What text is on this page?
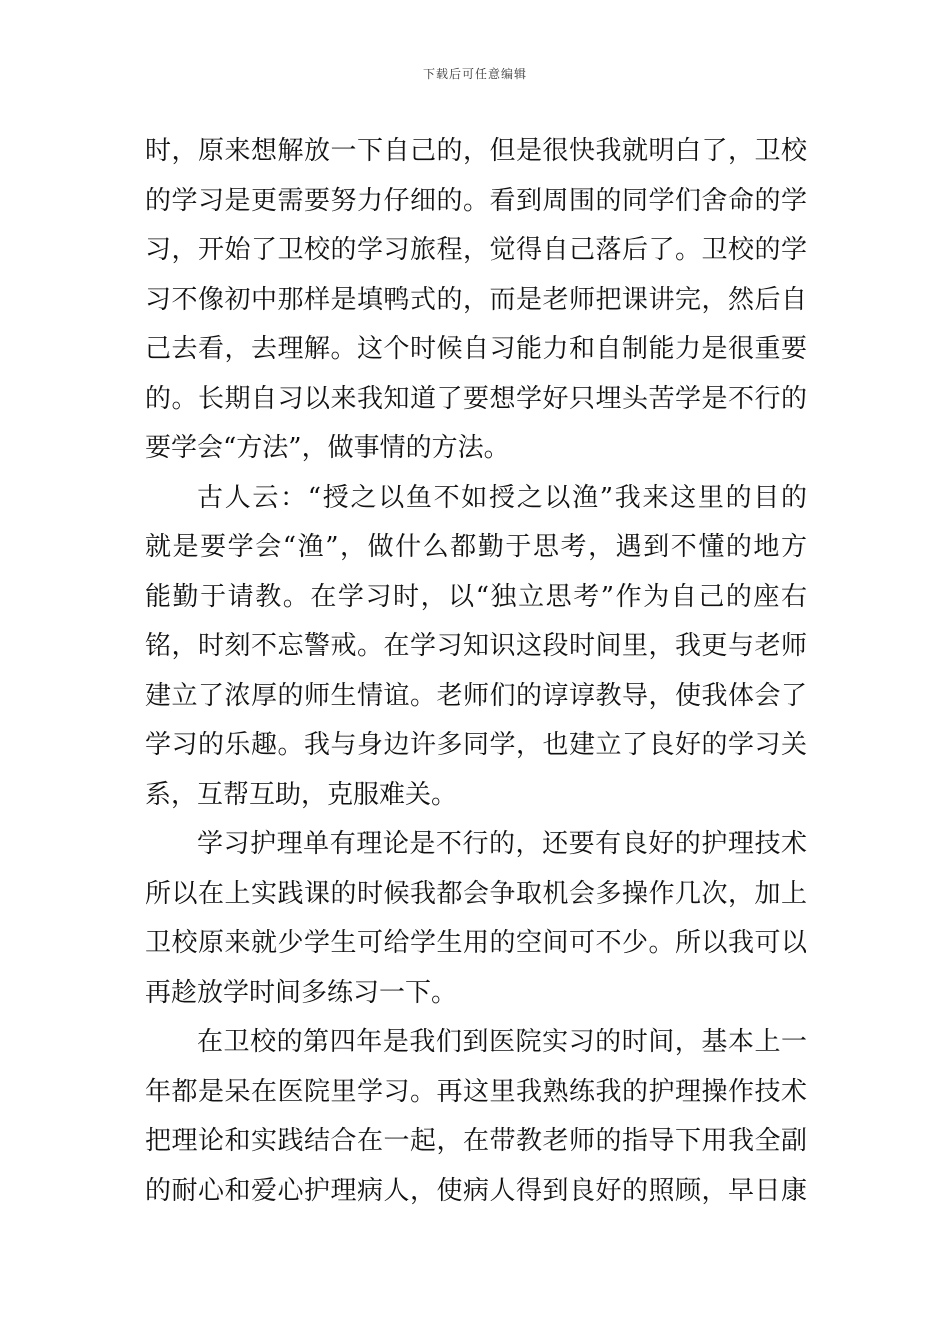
下载后可任意编辑
时，原来想解放一下自己的，但是很快我就明白了，卫校
的学习是更需要努力仔细的。看到周围的同学们舍命的学
习，开始了卫校的学习旅程，觉得自己落后了。卫校的学
习不像初中那样是填鸭式的，而是老师把课讲完，然后自
己去看，去理解。这个时候自习能力和自制能力是很重要
的。长期自习以来我知道了要想学好只埋头苦学是不行的
要学会“方法”，做事情的方法。
古人云：“授之以鱼不如授之以渔”我来这里的目的
就是要学会“渔”，做什么都勤于思考，遇到不懂的地方
能勤于请教。在学习时，以“独立思考”作为自己的座右
铭，时刻不忘警戒。在学习知识这段时间里，我更与老师
建立了浓厚的师生情谊。老师们的谆谆教导，使我体会了
学习的乐趣。我与身边许多同学，也建立了良好的学习关
系，互帮互助，克服难关。
学习护理单有理论是不行的，还要有良好的护理技术
所以在上实践课的时候我都会争取机会多操作几次，加上
卫校原来就少学生可给学生用的空间可不少。所以我可以
再趁放学时间多练习一下。
在卫校的第四年是我们到医院实习的时间，基本上一
年都是呆在医院里学习。再这里我熟练我的护理操作技术
把理论和实践结合在一起，在带教老师的指导下用我全副
的耐心和爱心护理病人，使病人得到良好的照顾，早日康
